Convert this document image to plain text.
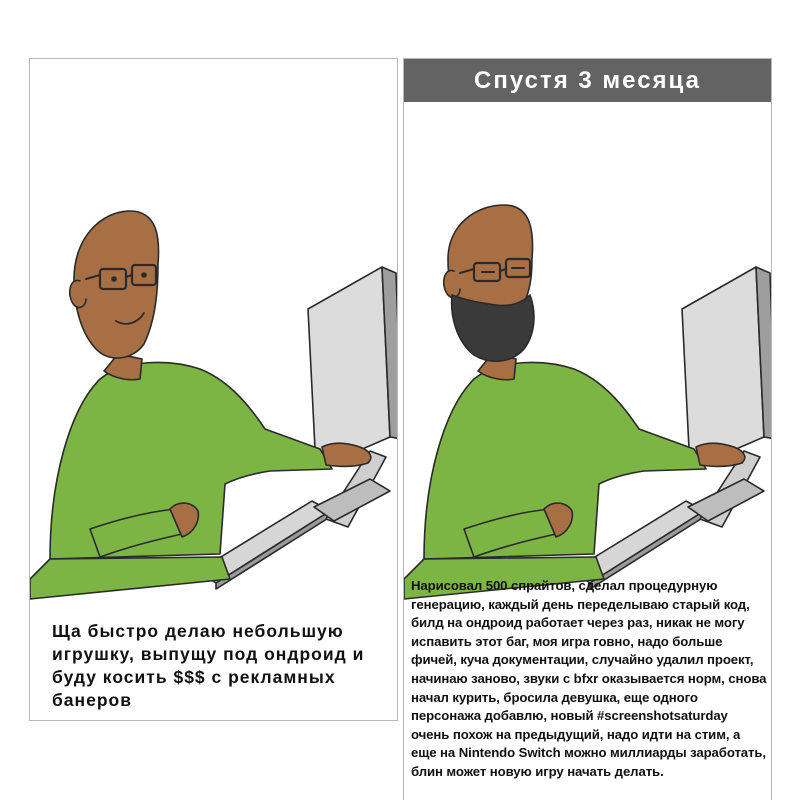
Ща быстро делаю небольшую игрушку, выпущу под ондроид и буду косить $$$ с рекламных банеров

Спустя 3 месяца

Нарисовал 500 спрайтов, сделал процедурную генерацию, каждый день переделываю старый код, билд на ондроид работает через раз, никак не могу испавить этот баг, моя игра говно, надо больше фичей, куча документации, случайно удалил проект, начинаю заново, звуки с bfxr оказывается норм, снова начал курить, бросила девушка, еще одного персонажа добавлю, новый #screenshotsaturday очень похож на предыдущий, надо идти на стим, а еще на Nintendo Switch можно миллиарды заработать, блин может новую игру начать делать.
